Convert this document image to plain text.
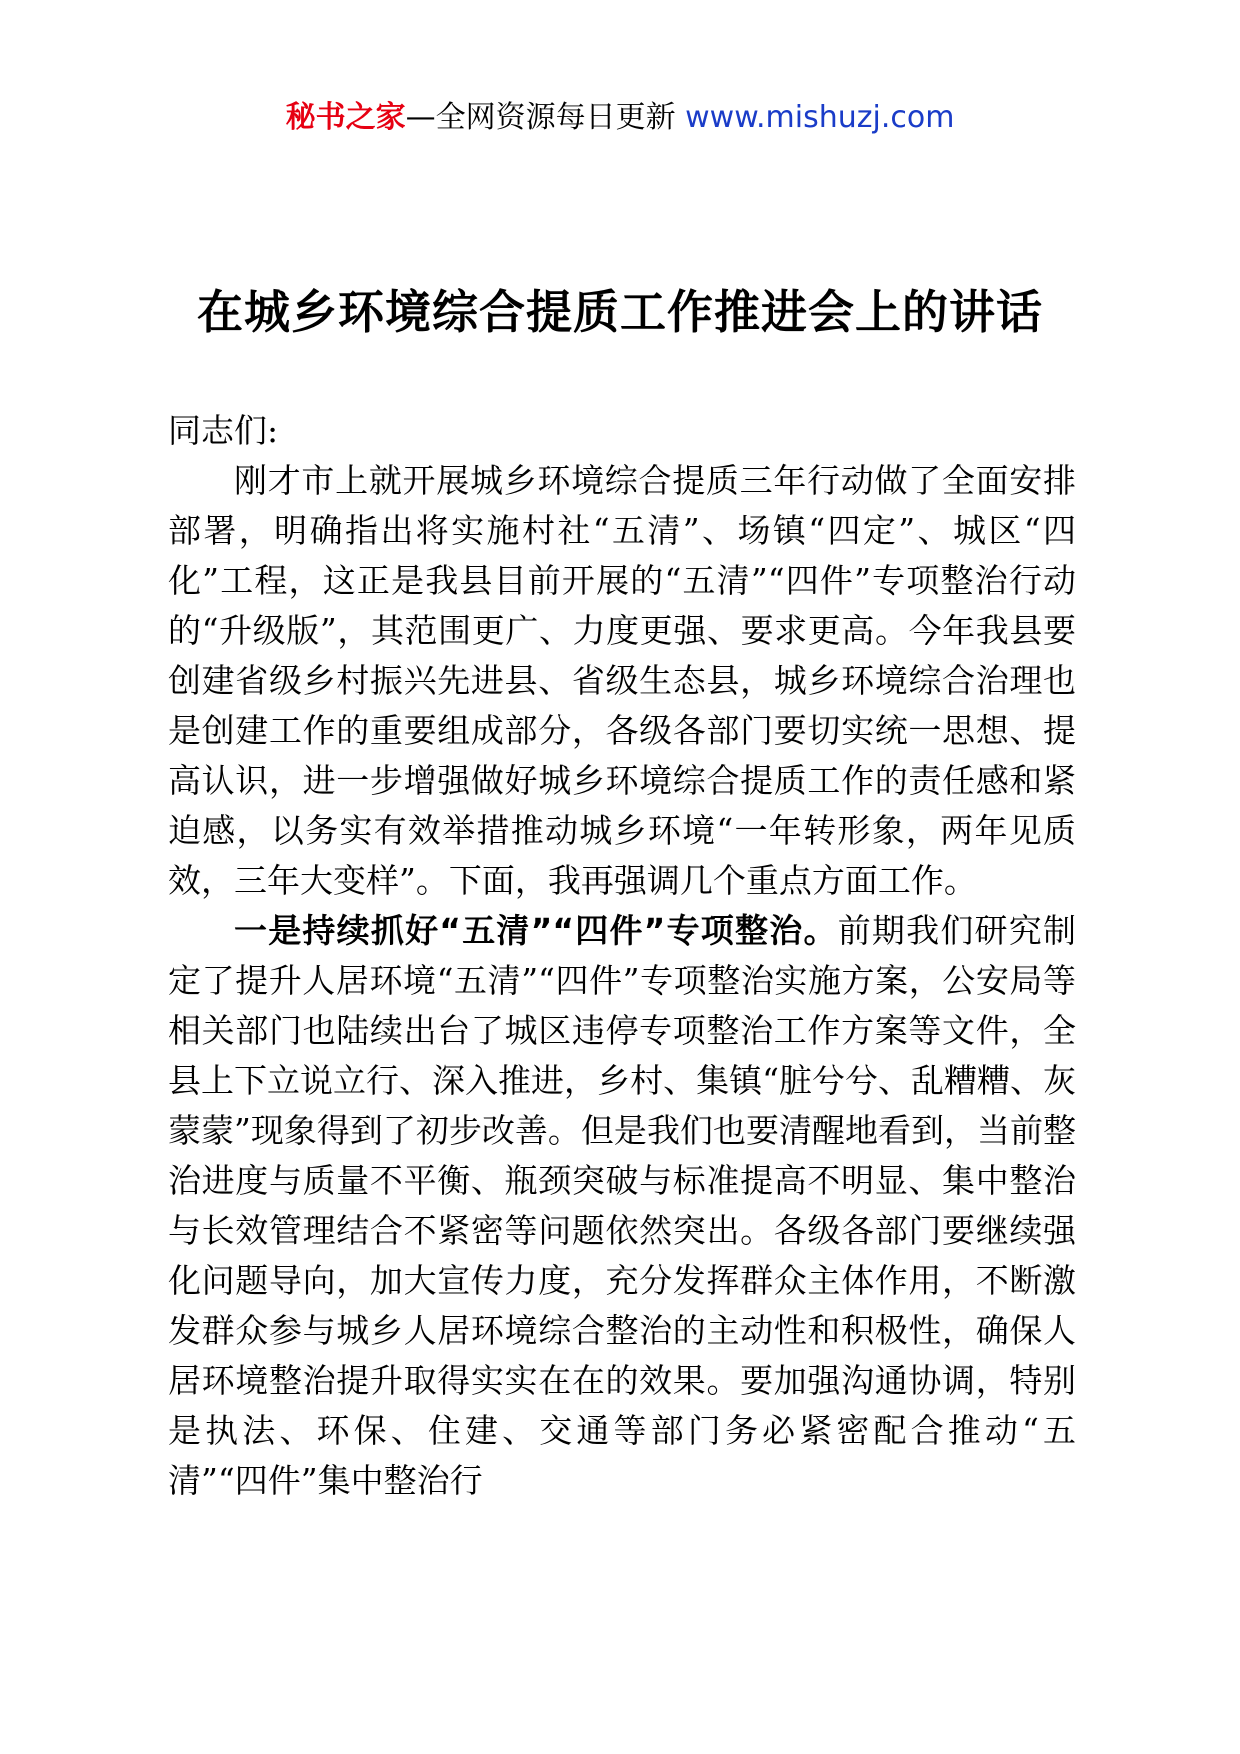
秘书之家—全网资源每日更新 www.mishuzj.com
在城乡环境综合提质工作推进会上的讲话

同志们:

刚才市上就开展城乡环境综合提质三年行动做了全面安排部署，明确指出将实施村社“五清”、场镇“四定”、城区“四化”工程，这正是我县目前开展的“五清”“四件”专项整治行动的“升级版”，其范围更广、力度更强、要求更高。今年我县要创建省级乡村振兴先进县、省级生态县，城乡环境综合治理也是创建工作的重要组成部分，各级各部门要切实统一思想、提高认识，进一步增强做好城乡环境综合提质工作的责任感和紧迫感，以务实有效举措推动城乡环境“一年转形象，两年见质效，三年大变样”。下面，我再强调几个重点方面工作。

一是持续抓好“五清”“四件”专项整治。前期我们研究制定了提升人居环境“五清”“四件”专项整治实施方案，公安局等相关部门也陆续出台了城区违停专项整治工作方案等文件，全县上下立说立行、深入推进，乡村、集镇“脏兮兮、乱糟糟、灰蒙蒙”现象得到了初步改善。但是我们也要清醒地看到，当前整治进度与质量不平衡、瓶颈突破与标准提高不明显、集中整治与长效管理结合不紧密等问题依然突出。各级各部门要继续强化问题导向，加大宣传力度，充分发挥群众主体作用，不断激发群众参与城乡人居环境综合整治的主动性和积极性，确保人居环境整治提升取得实实在在的效果。要加强沟通协调，特别是执法、环保、住建、交通等部门务必紧密配合推动“五清”“四件”集中整治行
